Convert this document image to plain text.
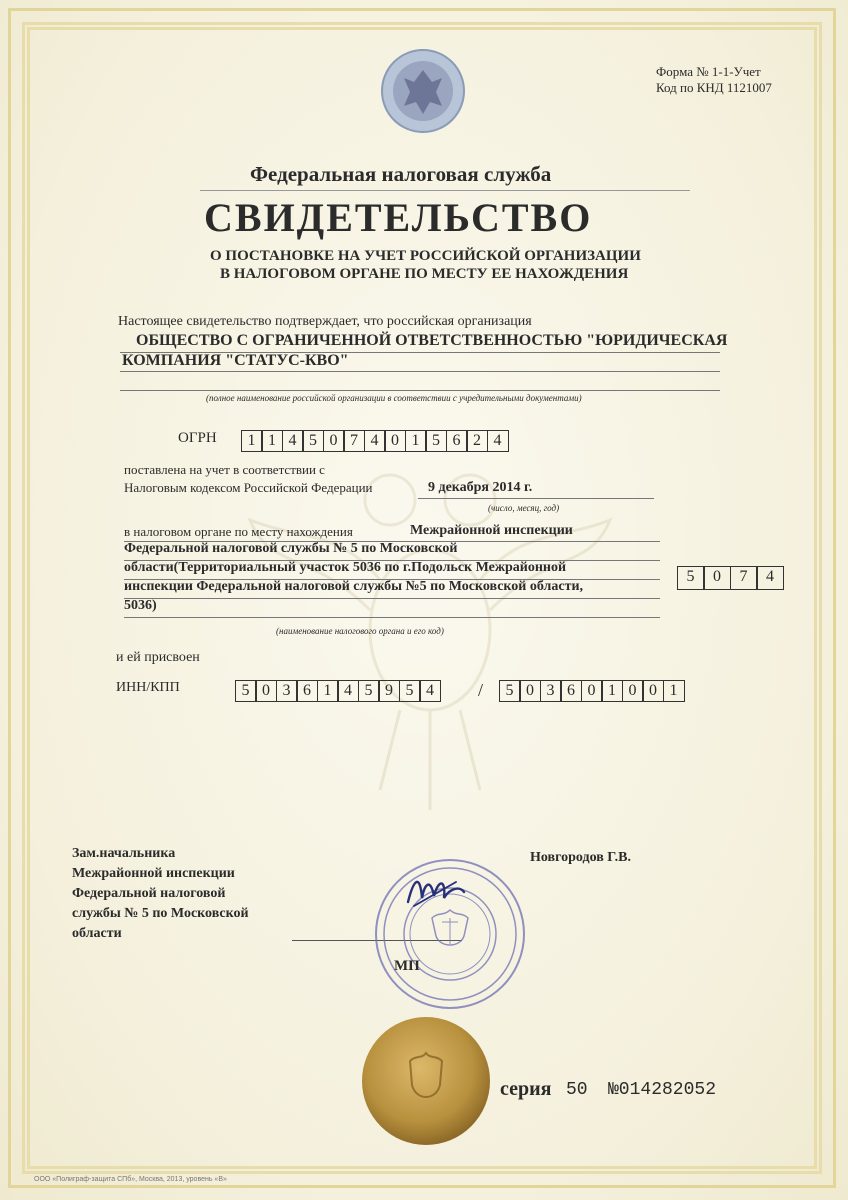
Форма № 1-1-Учет
Код по КНД 1121007
Федеральная налоговая служба
СВИДЕТЕЛЬСТВО
О ПОСТАНОВКЕ НА УЧЕТ РОССИЙСКОЙ ОРГАНИЗАЦИИ
В НАЛОГОВОМ ОРГАНЕ ПО МЕСТУ ЕЕ НАХОЖДЕНИЯ
Настоящее свидетельство подтверждает, что российская организация
ОБЩЕСТВО С ОГРАНИЧЕННОЙ ОТВЕТСТВЕННОСТЬЮ "ЮРИДИЧЕСКАЯ
КОМПАНИЯ "СТАТУС-КВО"
(полное наименование российской организации в соответствии с учредительными документами)
ОГРН	1 1 4 5 0 7 4 0 1 5 6 2 4
поставлена на учет в соответствии с
Налоговым кодексом Российской Федерации	9 декабря 2014 г.
(число, месяц, год)
в налоговом органе по месту нахождения	Межрайонной инспекции
Федеральной налоговой службы № 5 по Московской
области(Территориальный участок 5036 по г.Подольск Межрайонной
инспекции Федеральной налоговой службы №5 по Московской области,
5036)
(наименование налогового органа и его код)
5	0	7	4
и ей присвоен
ИНН/КПП	5 0 3 6 1 4 5 9 5 4	/	5 0 3 6 0 1 0 0 1
Зам.начальника
Межрайонной инспекции
Федеральной налоговой
службы № 5 по Московской
области
Новгородов Г.В.
МП
серия 50 №014282052
ООО «Полиграф-защита СПб», Москва, 2013, уровень «В»
